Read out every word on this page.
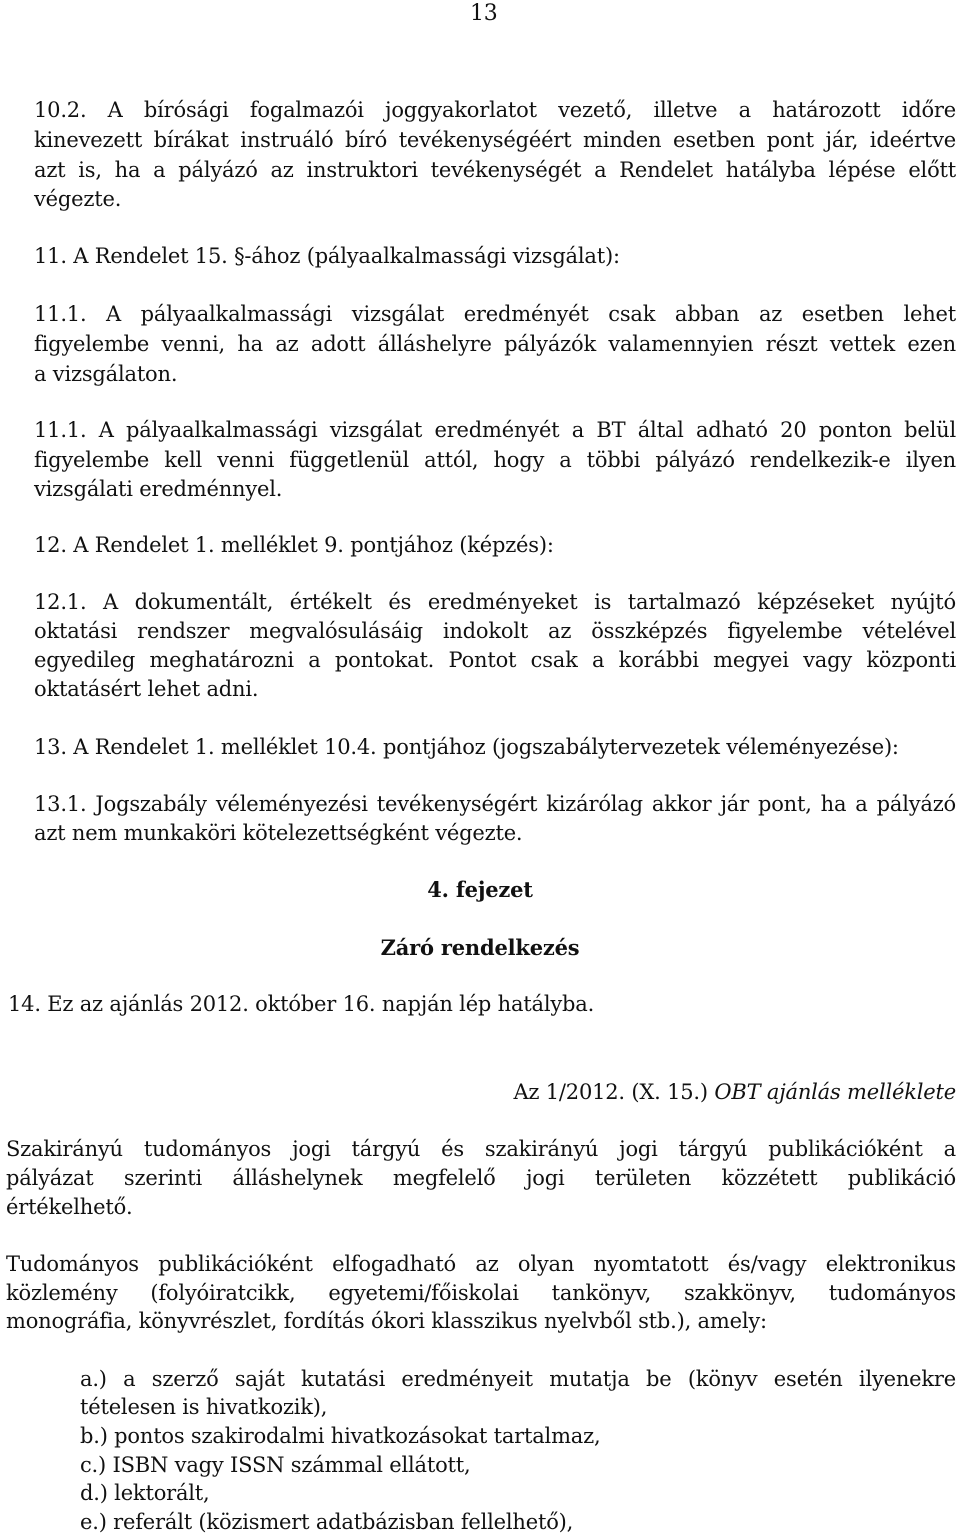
13
10.2. A bírósági fogalmazói joggyakorlatot vezető, illetve a határozott időre
kinevezett bírákat instruáló bíró tevékenységéért minden esetben pont jár, ideértve
azt is, ha a pályázó az instruktori tevékenységét a Rendelet hatályba lépése előtt
végezte.
11. A Rendelet 15. §-ához (pályaalkalmassági vizsgálat):
11.1. A pályaalkalmassági vizsgálat eredményét csak abban az esetben lehet
figyelembe venni, ha az adott álláshelyre pályázók valamennyien részt vettek ezen
a vizsgálaton.
11.1. A pályaalkalmassági vizsgálat eredményét a BT által adható 20 ponton belül
figyelembe kell venni függetlenül attól, hogy a többi pályázó rendelkezik-e ilyen
vizsgálati eredménnyel.
12. A Rendelet 1. melléklet 9. pontjához (képzés):
12.1. A dokumentált, értékelt és eredményeket is tartalmazó képzéseket nyújtó
oktatási rendszer megvalósulásáig indokolt az összképzés figyelembe vételével
egyedileg meghatározni a pontokat. Pontot csak a korábbi megyei vagy központi
oktatásért lehet adni.
13. A Rendelet 1. melléklet 10.4. pontjához (jogszabálytervezetek véleményezése):
13.1. Jogszabály véleményezési tevékenységért kizárólag akkor jár pont, ha a pályázó
azt nem munkaköri kötelezettségként végezte.
4. fejezet
Záró rendelkezés
14. Ez az ajánlás 2012. október 16. napján lép hatályba.
Az 1/2012. (X. 15.) OBT ajánlás melléklete
Szakirányú tudományos jogi tárgyú és szakirányú jogi tárgyú publikációként a
pályázat szerinti álláshelynek megfelelő jogi területen közzétett publikáció
értékelhető.
Tudományos publikációként elfogadható az olyan nyomtatott és/vagy elektronikus
közlemény (folyóiratcikk, egyetemi/főiskolai tankönyv, szakkönyv, tudományos
monográfia, könyvrészlet, fordítás ókori klasszikus nyelvből stb.), amely:
a.) a szerző saját kutatási eredményeit mutatja be (könyv esetén ilyenekre
tételesen is hivatkozik),
b.) pontos szakirodalmi hivatkozásokat tartalmaz,
c.) ISBN vagy ISSN számmal ellátott,
d.) lektorált,
e.) referált (közismert adatbázisban fellelhető),
